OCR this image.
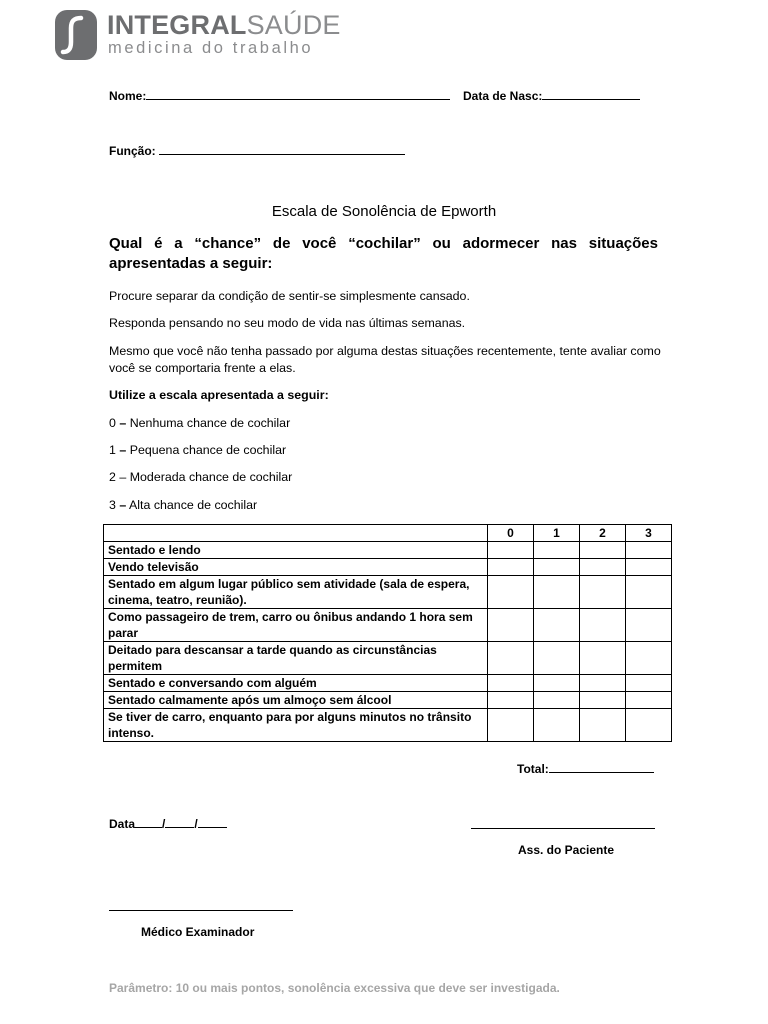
INTEGRALSAÚDE
medicina do trabalho
Nome:	Data de Nasc:
Função:
Escala de Sonolência de Epworth
Qual é a “chance” de você “cochilar” ou adormecer nas situações apresentadas a seguir:
Procure separar da condição de sentir-se simplesmente cansado.
Responda pensando no seu modo de vida nas últimas semanas.
Mesmo que você não tenha passado por alguma destas situações recentemente, tente avaliar como você se comportaria frente a elas.
Utilize a escala apresentada a seguir:
0 – Nenhuma chance de cochilar
1 – Pequena chance de cochilar
2 – Moderada chance de cochilar
3 – Alta chance de cochilar
	0	1	2	3
Sentado e lendo				
Vendo televisão				
Sentado em algum lugar público sem atividade (sala de espera, cinema, teatro, reunião).				
Como passageiro de trem, carro ou ônibus andando 1 hora sem parar				
Deitado para descansar a tarde quando as circunstâncias permitem				
Sentado e conversando com alguém				
Sentado calmamente após um almoço sem álcool				
Se tiver de carro, enquanto para por alguns minutos no trânsito intenso.				
Total:
Data / /
Ass. do Paciente
Médico Examinador
Parâmetro: 10 ou mais pontos, sonolência excessiva que deve ser investigada.
